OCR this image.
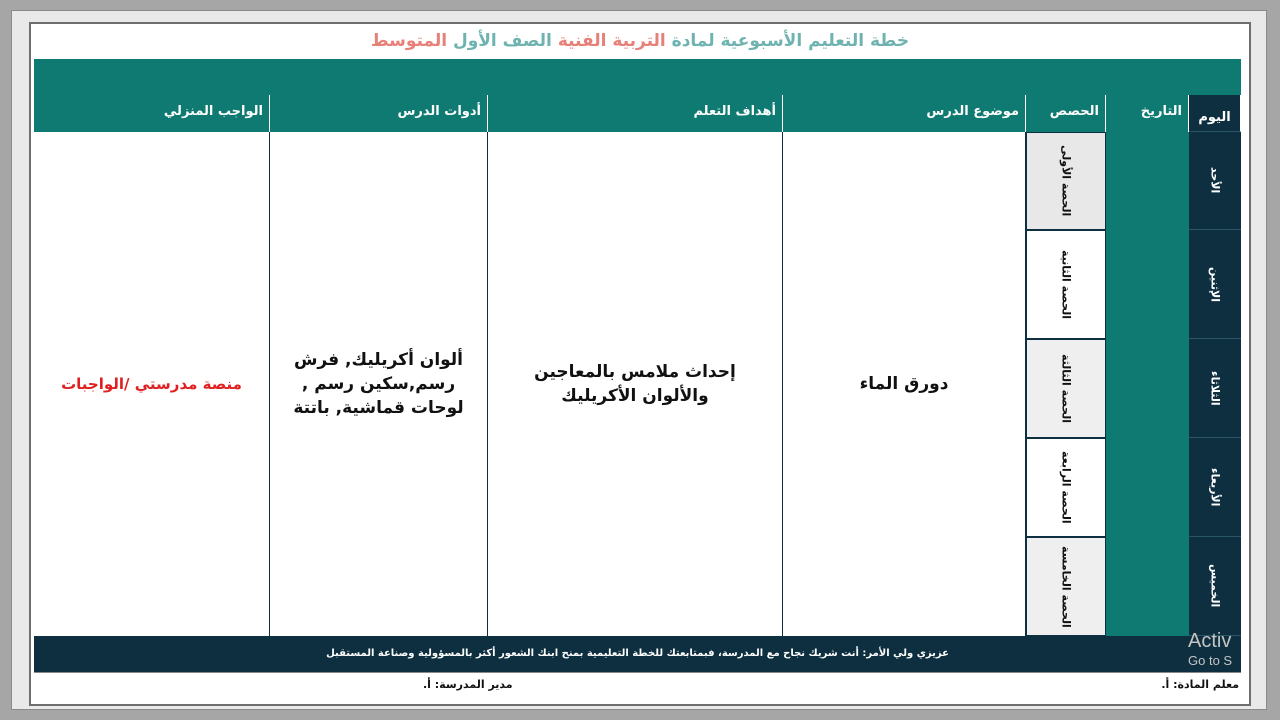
خطة التعليم الأسبوعية لمادة التربية الفنية الصف الأول المتوسط
اليوم
التاريخ
الحصص
موضوع الدرس
أهداف التعلم
أدوات الدرس
الواجب المنزلي
منصة مدرستي /الواجبات
ألوان أكريليك, فرش رسم,سكين رسم , لوحات قماشية, باتتة
إحداث ملامس بالمعاجين والألوان الأكريليك
دورق الماء
الحصة الأولى
الحصة الثانية
الحصة الثالثة
الحصة الرابعة
الحصة الخامسة
الأحد
الإثنين
الثلاثاء
الأربعاء
الخميس
عزيزي ولي الأمر: أنت شريك نجاح مع المدرسة، فبمتابعتك للخطة التعليمية بمنح ابنك الشعور أكثر بالمسؤولية وصناعة المستقبل
معلم المادة: أ.
مدير المدرسة: أ.
Activ
Go to S
